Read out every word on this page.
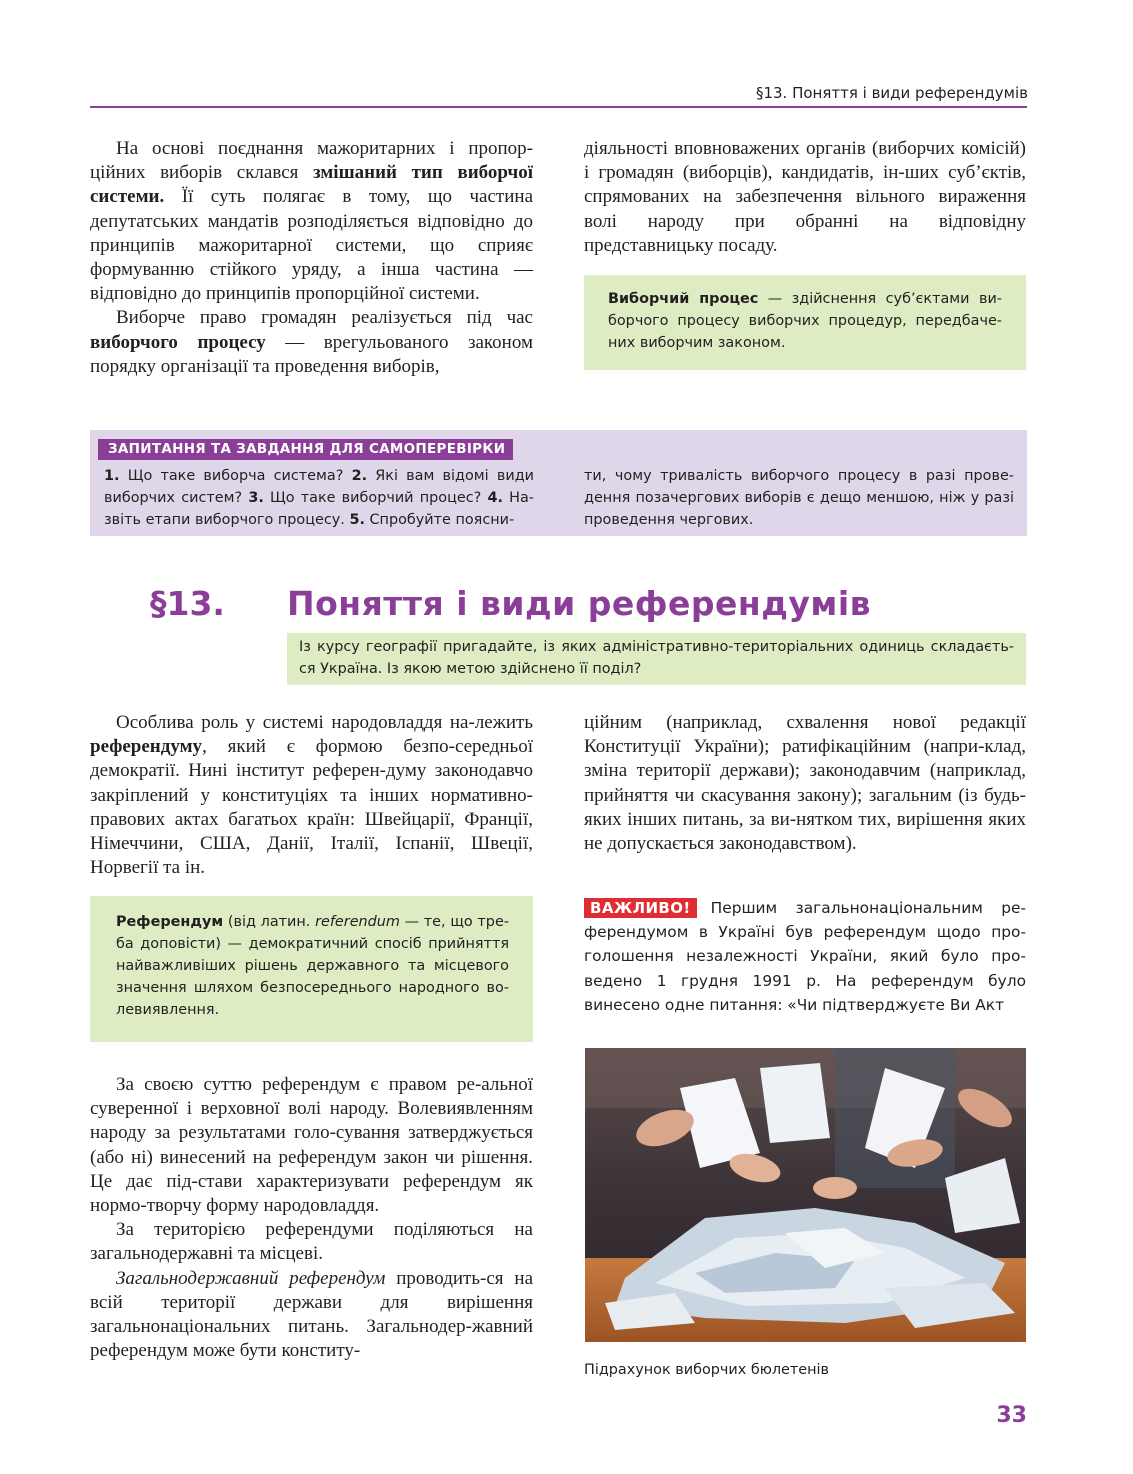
§13. Поняття і види референдумів

На основі поєднання мажоритарних і пропор-ційних виборів склався змішаний тип виборчої системи. Її суть полягає в тому, що частина депутатських мандатів розподіляється відповідно до принципів мажоритарної системи, що сприяє формуванню стійкого уряду, а інша частина — відповідно до принципів пропорційної системи.

Виборче право громадян реалізується під час виборчого процесу — врегульованого законом порядку організації та проведення виборів,

діяльності вповноважених органів (виборчих комісій) і громадян (виборців), кандидатів, ін-ших суб’єктів, спрямованих на забезпечення вільного вираження волі народу при обранні на відповідну представницьку посаду.

Виборчий процес — здійснення суб’єктами ви-борчого процесу виборчих процедур, передбаче-них виборчим законом.

ЗАПИТАННЯ ТА ЗАВДАННЯ ДЛЯ САМОПЕРЕВІРКИ
1. Що таке виборча система? 2. Які вам відомі види виборчих систем? 3. Що таке виборчий процес? 4. На-звіть етапи виборчого процесу. 5. Спробуйте поясни-
ти, чому тривалість виборчого процесу в разі прове-дення позачергових виборів є дещо меншою, ніж у разі проведення чергових.
§13. Поняття і види референдумів

Із курсу географії пригадайте, із яких адміністративно-територіальних одиниць складаєть-ся Україна. Із якою метою здійснено її поділ?

Особлива роль у системі народовладдя на-лежить референдуму, який є формою безпо-середньої демократії. Нині інститут референ-думу законодавчо закріплений у конституціях та інших нормативно-правових актах багатьох країн: Швейцарії, Франції, Німеччини, США, Данії, Італії, Іспанії, Швеції, Норвегії та ін.

Референдум (від латин. referendum — те, що тре-ба доповісти) — демократичний спосіб прийняття найважливіших рішень державного та місцевого значення шляхом безпосереднього народного во-левиявлення.

За своєю суттю референдум є правом ре-альної суверенної і верховної волі народу. Волевиявленням народу за результатами голо-сування затверджується (або ні) винесений на референдум закон чи рішення. Це дає під-стави характеризувати референдум як нормо-творчу форму народовладдя.

За територією референдуми поділяються на загальнодержавні та місцеві.

Загальнодержавний референдум проводить-ся на всій території держави для вирішення загальнонаціональних питань. Загальнодер-жавний референдум може бути конститу-

ційним (наприклад, схвалення нової редакції Конституції України); ратифікаційним (напри-клад, зміна території держави); законодавчим (наприклад, прийняття чи скасування закону); загальним (із будь-яких інших питань, за ви-нятком тих, вирішення яких не допускається законодавством).

ВАЖЛИВО! Першим загальнонаціональним ре-ферендумом в Україні був референдум щодо про-голошення незалежності України, який було про-ведено 1 грудня 1991 р. На референдум було винесено одне питання: «Чи підтверджуєте Ви Акт
Підрахунок виборчих бюлетенів
33
